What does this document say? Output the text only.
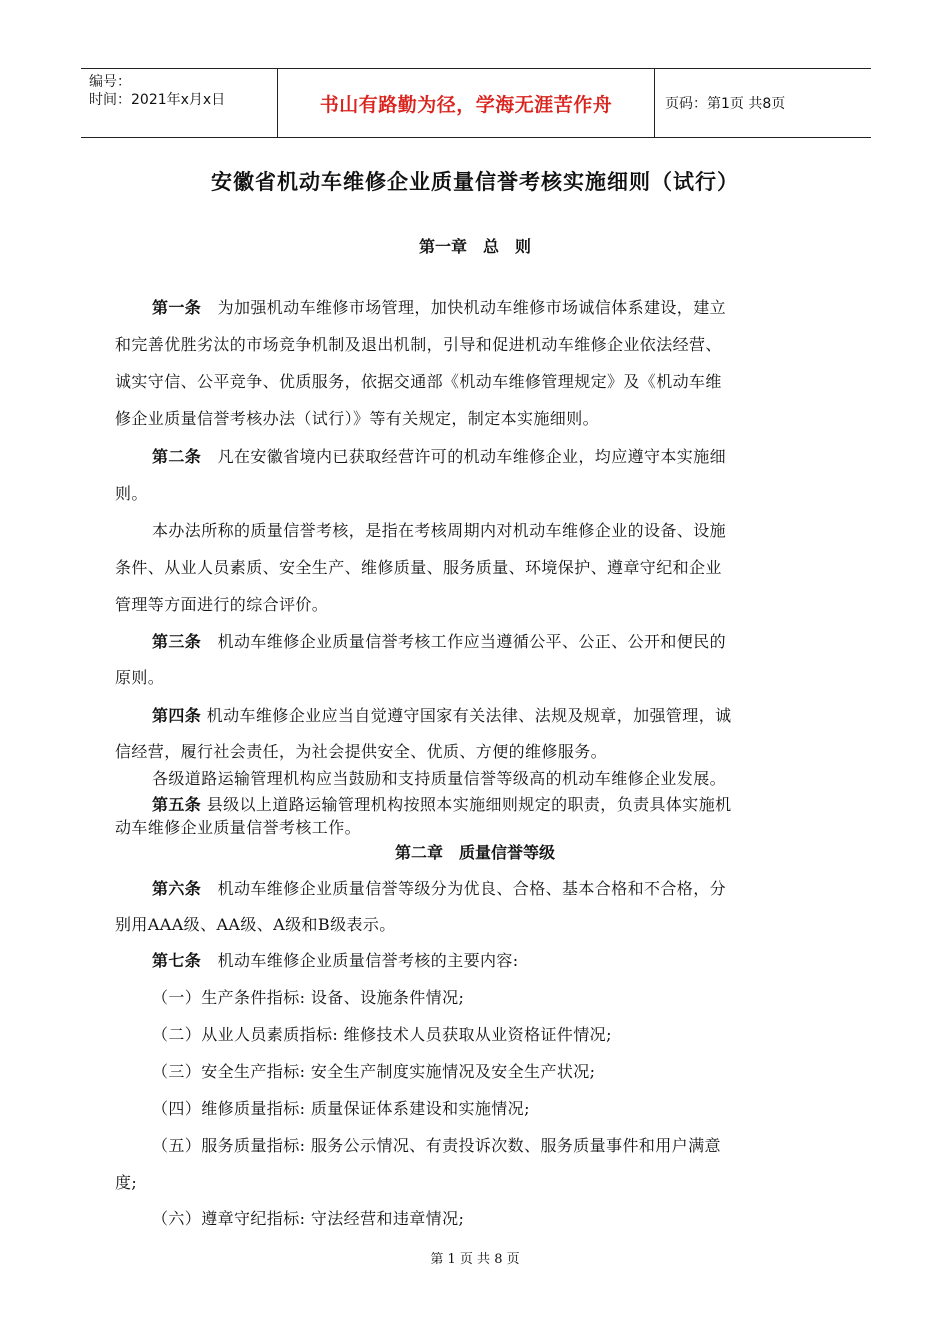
编号：
时间：2021年x月x日	书山有路勤为径，学海无涯苦作舟	页码：第1页 共8页
安徽省机动车维修企业质量信誉考核实施细则（试行）
第一章　总　则
第一条　为加强机动车维修市场管理，加快机动车维修市场诚信体系建设，建立
和完善优胜劣汰的市场竞争机制及退出机制，引导和促进机动车维修企业依法经营、
诚实守信、公平竞争、优质服务，依据交通部《机动车维修管理规定》及《机动车维
修企业质量信誉考核办法（试行）》等有关规定，制定本实施细则。
第二条　凡在安徽省境内已获取经营许可的机动车维修企业，均应遵守本实施细
则。
本办法所称的质量信誉考核，是指在考核周期内对机动车维修企业的设备、设施
条件、从业人员素质、安全生产、维修质量、服务质量、环境保护、遵章守纪和企业
管理等方面进行的综合评价。
第三条　机动车维修企业质量信誉考核工作应当遵循公平、公正、公开和便民的
原则。
第四条 机动车维修企业应当自觉遵守国家有关法律、法规及规章，加强管理，诚
信经营，履行社会责任，为社会提供安全、优质、方便的维修服务。
各级道路运输管理机构应当鼓励和支持质量信誉等级高的机动车维修企业发展。
第五条 县级以上道路运输管理机构按照本实施细则规定的职责，负责具体实施机
动车维修企业质量信誉考核工作。
第二章　质量信誉等级
第六条　机动车维修企业质量信誉等级分为优良、合格、基本合格和不合格，分
别用AAA级、AA级、A级和B级表示。
第七条　机动车维修企业质量信誉考核的主要内容:
（一）生产条件指标: 设备、设施条件情况;
（二）从业人员素质指标: 维修技术人员获取从业资格证件情况;
（三）安全生产指标: 安全生产制度实施情况及安全生产状况;
（四）维修质量指标: 质量保证体系建设和实施情况;
（五）服务质量指标: 服务公示情况、有责投诉次数、服务质量事件和用户满意
度;
（六）遵章守纪指标: 守法经营和违章情况;
第 1 页 共 8 页
